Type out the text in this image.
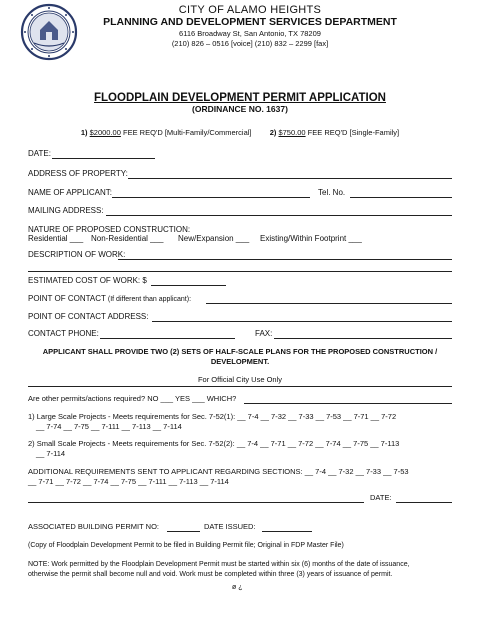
CITY OF ALAMO HEIGHTS
PLANNING AND DEVELOPMENT SERVICES DEPARTMENT
6116 Broadway St, San Antonio, TX 78209
(210) 826 – 0516 [voice] (210) 832 – 2299 [fax]
FLOODPLAIN DEVELOPMENT PERMIT APPLICATION
(ORDINANCE NO. 1637)
1) $2000.00 FEE REQ'D [Multi-Family/Commercial] 2) $750.00 FEE REQ'D [Single-Family]
DATE:
ADDRESS OF PROPERTY:
NAME OF APPLICANT:	Tel. No.
MAILING ADDRESS:
NATURE OF PROPOSED CONSTRUCTION:
Residential ___ Non-Residential ___ New/Expansion ___ Existing/Within Footprint ___
DESCRIPTION OF WORK:
ESTIMATED COST OF WORK: $
POINT OF CONTACT (If different than applicant):
POINT OF CONTACT ADDRESS:
CONTACT PHONE:	FAX:
APPLICANT SHALL PROVIDE TWO (2) SETS OF HALF-SCALE PLANS FOR THE PROPOSED CONSTRUCTION / DEVELOPMENT.
For Official City Use Only
Are other permits/actions required? NO ___ YES ___ WHICH?
1) Large Scale Projects - Meets requirements for Sec. 7-52(1): __ 7-4 __ 7-32 __ 7-33 __ 7-53 __ 7-71 __ 7-72
__ 7-74 __ 7-75 __ 7-111 __ 7-113 __ 7-114
2) Small Scale Projects - Meets requirements for Sec. 7-52(2): __ 7-4 __ 7-71 __ 7-72 __ 7-74 __ 7-75 __ 7-113
__ 7-114
ADDITIONAL REQUIREMENTS SENT TO APPLICANT REGARDING SECTIONS: __ 7-4 __ 7-32 __ 7-33 __ 7-53
__ 7-71 __ 7-72 __ 7-74 __ 7-75 __ 7-111 __ 7-113 __ 7-114
DATE:
ASSOCIATED BUILDING PERMIT NO:	DATE ISSUED:
(Copy of Floodplain Development Permit to be filed in Building Permit file; Original in FDP Master File)
NOTE: Work permitted by the Floodplain Development Permit must be started within six (6) months of the date of issuance,
otherwise the permit shall become null and void. Work must be completed within three (3) years of issuance of permit.
ø ¿
